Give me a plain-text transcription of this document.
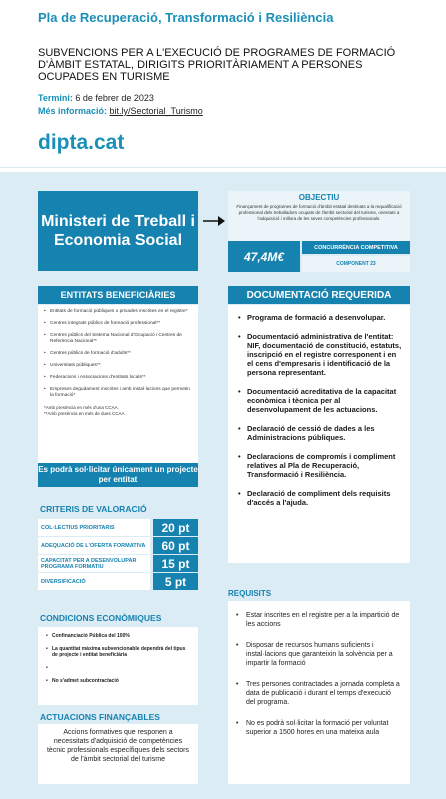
Pla de Recuperació, Transformació i Resiliència
SUBVENCIONS PER A L'EXECUCIÓ DE PROGRAMES DE FORMACIÓ D'ÀMBIT ESTATAL, DIRIGITS PRIORITÀRIAMENT A PERSONES OCUPADES EN TURISME
Termini: 6 de febrer de 2023
Més informació: bit.ly/Sectorial_Turismo
dipta.cat
Ministeri de Treball i Economia Social
OBJECTIU
Finançament de programes de formació d'àmbit estatal destinats a la requalificació professional dels treballadors ocupats de l'àmbit sectorial del turisme, orientats a l'adquisició i millora de les seves competències professionals.
47,4M€
CONCURRÈNCIA COMPETITIVA
COMPONENT 23
ENTITATS BENEFICIÀRIES	DOCUMENTACIÓ REQUERIDA
• Entitats de formació públiques o privades inscrites en el registre*
• Centres integrats públics de formació professional**
• Centres públics del Sistema Nacional d'Ocupació i Centres de Referència Nacional**
• Centres públics de formació d'adults**
• Universitats públiques**
• Federacions i Associacions d'entitats locals**
• Empreses degudament inscrites i amb instal·lacions que permetin la formació*
*Amb presència en més d'una CCAA.
**Amb presència en més de dues CCAA.
Es podrà sol·licitar únicament un projecte per entitat
• Programa de formació a desenvolupar.
• Documentació administrativa de l'entitat: NIF, documentació de constitució, estatuts, inscripció en el registre corresponent i en el cens d'empresaris i identificació de la persona representant.
• Documentació acreditativa de la capacitat econòmica i tècnica per al desenvolupament de les actuacions.
• Declaració de cessió de dades a les Administracions públiques.
• Declaracions de compromís i compliment relatives al Pla de Recuperació, Transformació i Resiliència.
• Declaració de compliment dels requisits d'accés a l'ajuda.
CRITERIS DE VALORACIÓ
COL·LECTIUS PRIORITARIS	20 pt
ADEQUACIÓ DE L'OFERTA FORMATIVA	60 pt
CAPACITAT PER A DESENVOLUPAR PROGRAMA FORMATIU	15 pt
DIVERSIFICACIÓ	5 pt
CONDICIONS ECONÒMIQUES
• Confinanciació Pública del 100%
• La quantitat màxima subvencionable dependrà del tipus de projecte i entitat beneficiària
•
• No s'admet subcontractació
ACTUACIONS FINANÇABLES
Accions formatives que responen a necessitats d'adquisició de competències tècnic professionals específiques dels sectors de l'àmbit sectorial del turisme
REQUISITS
• Estar inscrites en el registre per a la impartició de les accions
• Disposar de recursos humans suficients i instal·lacions que garanteixin la solvència per a impartir la formació
• Tres persones contractades a jornada completa a data de publicació i durant el temps d'execució del programa.
• No es podrà sol·licitar la formació per voluntat superior a 1500 hores en una mateixa aula
